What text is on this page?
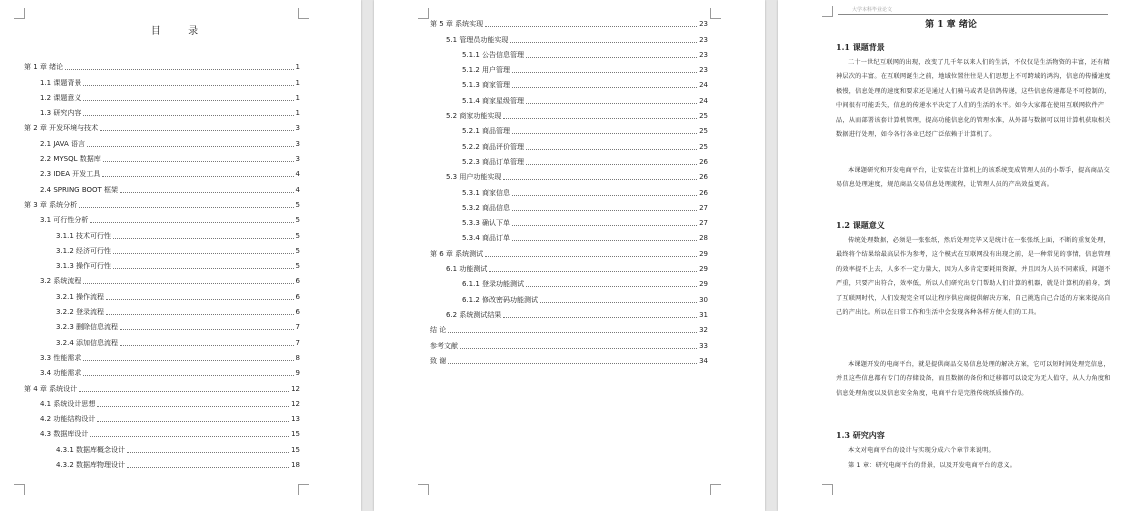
目 录
第 1 章 绪论	1
1.1 课题背景	1
1.2 课题意义	1
1.3 研究内容	1
第 2 章 开发环境与技术	3
2.1 JAVA 语言	3
2.2 MYSQL 数据库	3
2.3 IDEA 开发工具	4
2.4 SPRING BOOT 框架	4
第 3 章 系统分析	5
3.1 可行性分析	5
3.1.1 技术可行性	5
3.1.2 经济可行性	5
3.1.3 操作可行性	5
3.2 系统流程	6
3.2.1 操作流程	6
3.2.2 登录流程	6
3.2.3 删除信息流程	7
3.2.4 添加信息流程	7
3.3 性能需求	8
3.4 功能需求	9
第 4 章 系统设计	12
4.1 系统设计思想	12
4.2 功能结构设计	13
4.3 数据库设计	15
4.3.1 数据库概念设计	15
4.3.2 数据库物理设计	18
第 5 章 系统实现	23
5.1 管理员功能实现	23
5.1.1 公告信息管理	23
5.1.2 用户管理	23
5.1.3 商家管理	24
5.1.4 商家星级管理	24
5.2 商家功能实现	25
5.2.1 商品管理	25
5.2.2 商品评价管理	25
5.2.3 商品订单管理	26
5.3 用户功能实现	26
5.3.1 商家信息	26
5.3.2 商品信息	27
5.3.3 确认下单	27
5.3.4 商品订单	28
第 6 章 系统测试	29
6.1 功能测试	29
6.1.1 登录功能测试	29
6.1.2 修改密码功能测试	30
6.2 系统测试结果	31
结 论	32
参考文献	33
致 谢	34
大学本科毕业论文
第 1 章 绪论
1.1 课题背景
二十一世纪互联网的出现，改变了几千年以来人们的生活，不仅仅是生活物资的丰富，还有精神层次的丰富。在互联网诞生之前，地域位置往往是人们思想上不可跨域的鸿沟，信息的传播速度极慢，信息处理的速度和要求还是通过人们骑马或者是信鸽传递，这些信息传递都是不可控制的，中间很有可能丢失，信息的传递水平决定了人们的生活的水平。如今大家都在使用互联网软件产品，从而部署该套计算机管理，提高功能信息化的管理水准，从外部与数据可以用计算机获取相关数据进行处理，如今各行各业已经广泛依赖于计算机了。
本课题研究和开发电商平台，让安装在计算机上的该系统变成管理人员的小帮手，提高商品交易信息处理速度，规范商品交易信息处理流程，让管理人员的产出效益更高。
1.2 课题意义
传统处理数据，必须是一张张纸，然后处理完毕又是统计在一张张纸上面，不断的重复处理，最终将个结果给最高层作为参考，这个模式在互联网没有出现之前，是一种常见的事情，信息管理的效率提不上去，人多不一定力量大，因为人多肯定要耗用资源，并且因为人员不同素质，问题不严重，只要产出符合，效率低，所以人们研究出专门帮助人们计算的机器，就是计算机的前身，到了互联网时代，人们发现完全可以让程序供应商提供解决方案，自己挑选自己合适的方案来提高自己的产出比。所以在日常工作和生活中会发现各种各样方便人们的工具。
本课题开发的电商平台，就是提供商品交易信息处理的解决方案，它可以短时间处理完信息，并且这些信息都有专门的存储设备，而且数据的备份和迁移都可以设定为无人值守，从人力角度和信息处理角度以及信息安全角度，电商平台是完胜传统纸质操作的。
1.3 研究内容
本文对电商平台的设计与实现分成六个章节来说明。
第 1 章：研究电商平台的背景，以及开发电商平台的意义。
